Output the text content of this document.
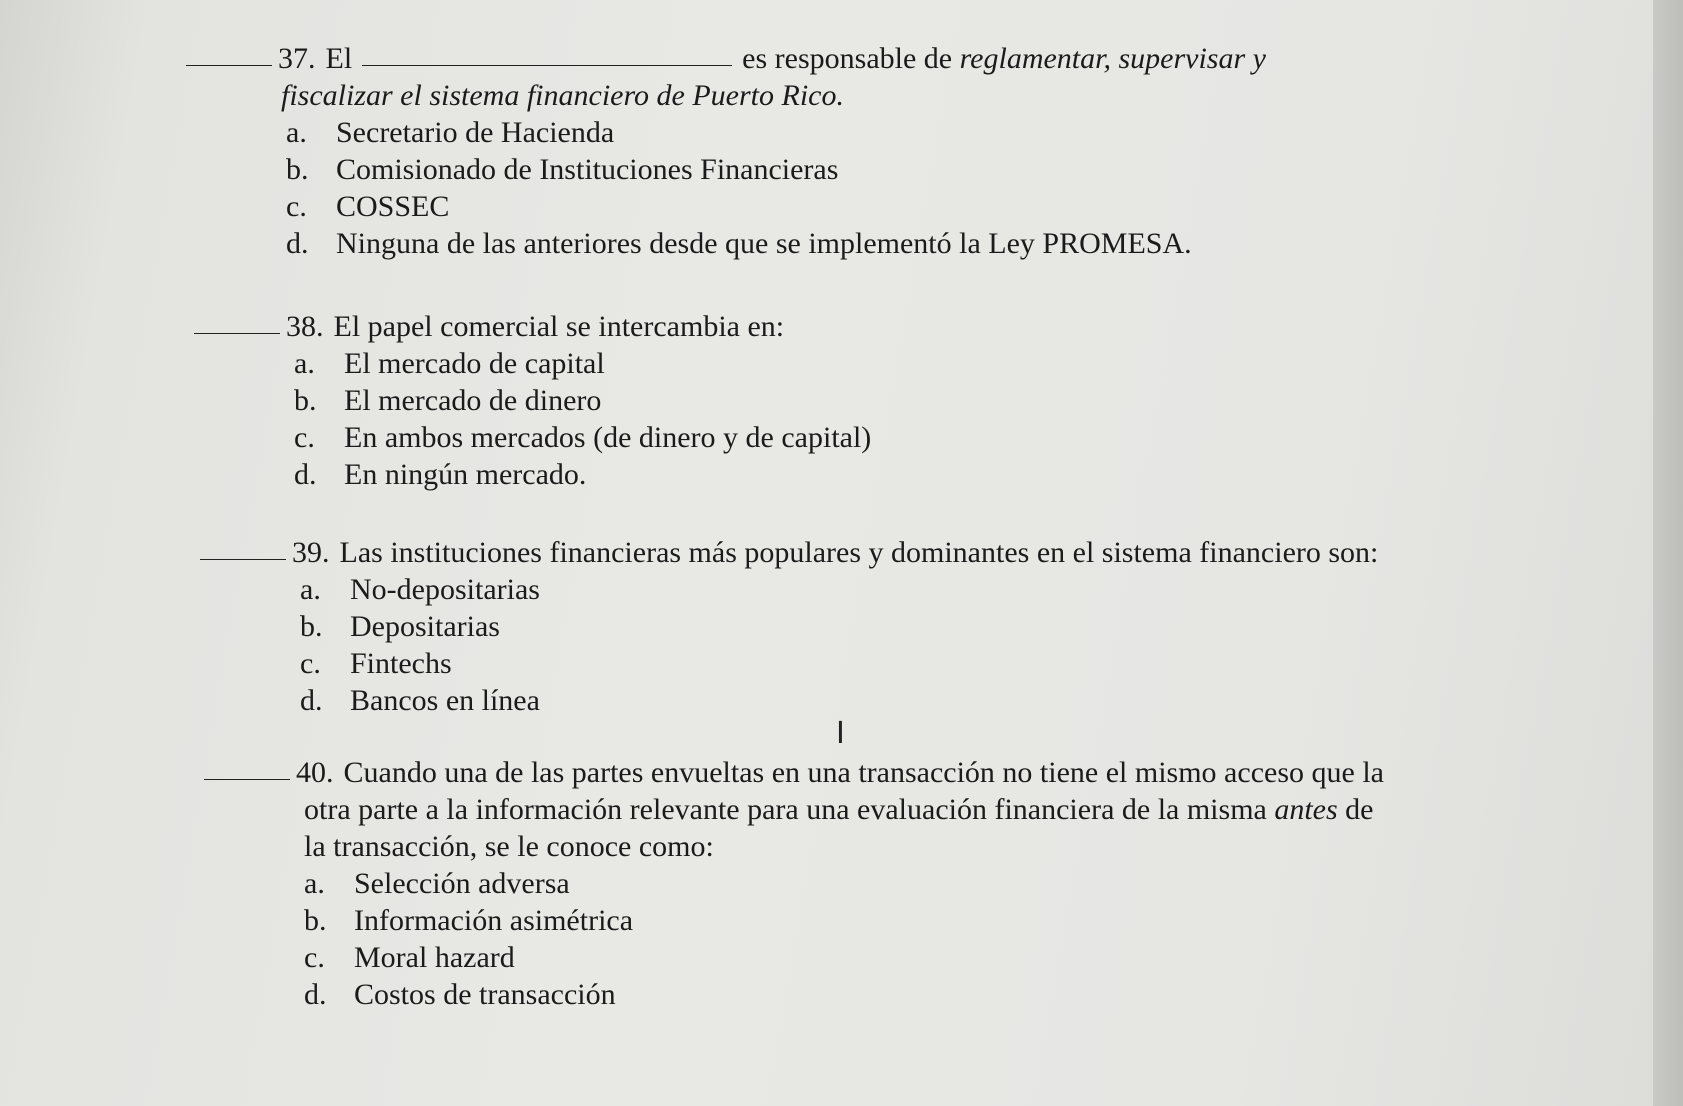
37. El	es responsable de
reglamentar, supervisar y
fiscalizar el sistema financiero de Puerto Rico.
a. Secretario de Hacienda
b. Comisionado de Instituciones Financieras
c. COSSEC
d. Ninguna de las anteriores desde que se implementó la Ley PROMESA.
38. El papel comercial se intercambia en:
a. El mercado de capital
b. El mercado de dinero
c. En ambos mercados (de dinero y de capital)
d. En ningún mercado.
39. Las instituciones financieras más populares y dominantes en el sistema financiero son:
a. No-depositarias
b. Depositarias
c. Fintechs
d. Bancos en línea
I
40. Cuando una de las partes envueltas en una transacción no tiene el mismo acceso que la
otra parte a la información relevante para una evaluación financiera de la misma antes de
la transacción, se le conoce como:
a. Selección adversa
b. Información asimétrica
c. Moral hazard
d. Costos de transacción
